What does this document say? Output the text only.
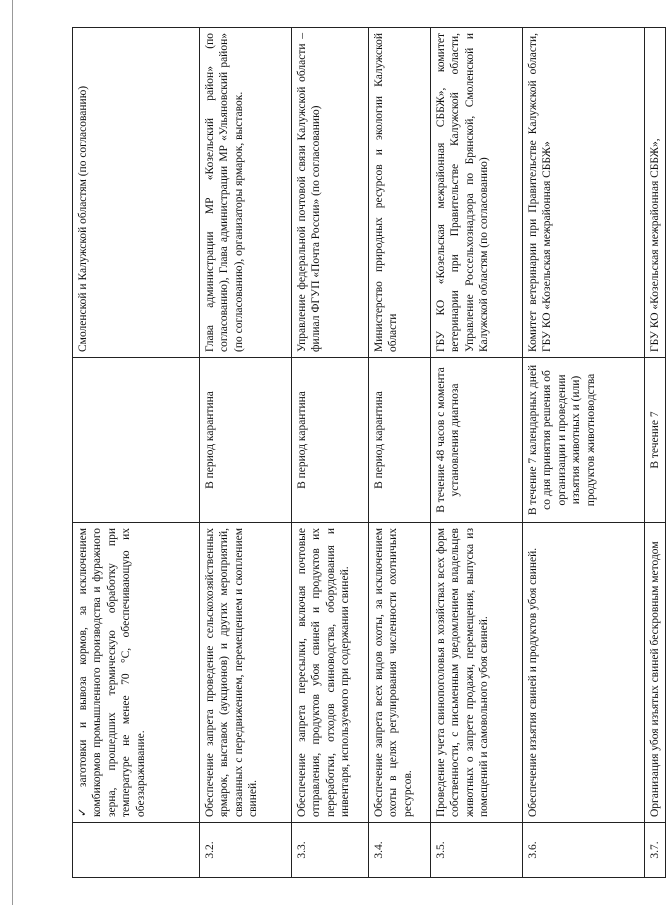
	✓ заготовки и вывоза кормов, за исключением комбикормов промышленного производства и фуражного зерна, прошедших термическую обработку при температуре не менее 70 °С, обеспечивающую их обеззараживание.		Смоленской и Калужской областям (по согласованию)
3.2.	Обеспечение запрета проведение сельскохозяйственных ярмарок, выставок (аукционов) и других мероприятий, связанных с передвижением, перемещением и скоплением свиней.	В период карантина	Глава администрации МР «Козельский район» (по согласованию), Глава администрации МР «Ульяновский район» (по согласованию), организаторы ярмарок, выставок.
3.3.	Обеспечение запрета пересылки, включая почтовые отправления, продуктов убоя свиней и продуктов их переработки, отходов свиноводства, оборудования и инвентаря, используемого при содержании свиней.	В период карантина	Управление федеральной почтовой связи Калужской области – филиал ФГУП «Почта России» (по согласованию)
3.4.	Обеспечение запрета всех видов охоты, за исключением охоты в целях регулирования численности охотничьих ресурсов.	В период карантина	Министерство природных ресурсов и экологии Калужской области
3.5.	Проведение учета свинопоголовья в хозяйствах всех форм собственности, с письменным уведомлением владельцев животных о запрете продажи, перемещения, выпуска из помещений и самовольного убоя свиней.	В течение 48 часов с момента установления диагноза	ГБУ КО «Козельская межрайонная СББЖ», комитет ветеринарии при Правительстве Калужской области, Управление Россельхознадзора по Брянской, Смоленской и Калужской областям (по согласованию)
3.6.	Обеспечение изъятия свиней и продуктов убоя свиней.	В течение 7 календарных дней со дня принятия решения об организации и проведении изъятия животных и (или) продуктов животноводства	Комитет ветеринарии при Правительстве Калужской области, ГБУ КО «Козельская межрайонная СББЖ»
3.7.	Организация убоя изъятых свиней бескровным методом	В течение 7	ГБУ КО «Козельская межрайонная СББЖ»,
